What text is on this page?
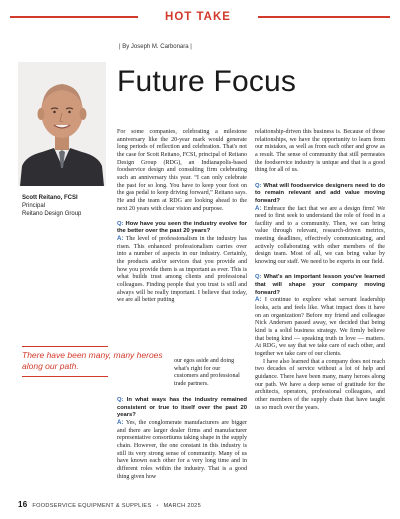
HOT TAKE
| By Joseph M. Carbonara |
Future Focus
Scott Reitano, FCSI
Principal
Reitano Design Group
There have been many, many heroes along our path.

For some companies, celebrating a milestone anniversary like the 20-year mark would generate long periods of reflection and celebration. That's not the case for Scott Reitano, FCSI, principal of Reitano Design Group (RDG), an Indianapolis-based foodservice design and consulting firm celebrating such an anniversary this year. “I can only celebrate the past for so long. You have to keep your foot on the gas pedal to keep driving forward,” Reitano says. He and the team at RDG are looking ahead to the next 20 years with clear vision and purpose.

Q: How have you seen the industry evolve for the better over the past 20 years?

A: The level of professionalism in the industry has risen. This enhanced professionalism carries over into a number of aspects in our industry. Certainly, the products and/or services that you provide and how you provide them is as important as ever. This is what builds trust among clients and professional colleagues. Finding people that you trust is still and always will be really important. I believe that today, we are all better putting

our egos aside and doing what's right for our customers and professional trade partners.

Q: In what ways has the industry remained consistent or true to itself over the past 20 years?

A: Yes, the conglomerate manufacturers are bigger and there are larger dealer firms and manufacturer representative consortiums taking shape in the supply chain. However, the one constant in this industry is still its very strong sense of community. Many of us have known each other for a very long time and in different roles within the industry. That is a good thing given how

relationship-driven this business is. Because of those relationships, we have the opportunity to learn from our mistakes, as well as from each other and grow as a result. The sense of community that still permeates the foodservice industry is unique and that is a good thing for all of us.

Q: What will foodservice designers need to do to remain relevant and add value moving forward?

A: Embrace the fact that we are a design firm! We need to first seek to understand the role of food in a facility and to a community. Then, we can bring value through relevant, research-driven metrics, meeting deadlines, effectively communicating, and actively collaborating with other members of the design team. Most of all, we can bring value by knowing our staff. We need to be experts in our field.

Q: What's an important lesson you've learned that will shape your company moving forward?

A: I continue to explore what servant leadership looks, acts and feels like. What impact does it have on an organization? Before my friend and colleague Nick Andersen passed away, we decided that being kind is a solid business strategy. We firmly believe that being kind — speaking truth in love — matters. At RDG, we say that we take care of each other, and together we take care of our clients.

I have also learned that a company does not reach two decades of service without a lot of help and guidance. There have been many, many heroes along our path. We have a deep sense of gratitude for the architects, operators, professional colleagues, and other members of the supply chain that have taught us so much over the years.

16 FOODSERVICE EQUIPMENT & SUPPLIES • MARCH 2025
